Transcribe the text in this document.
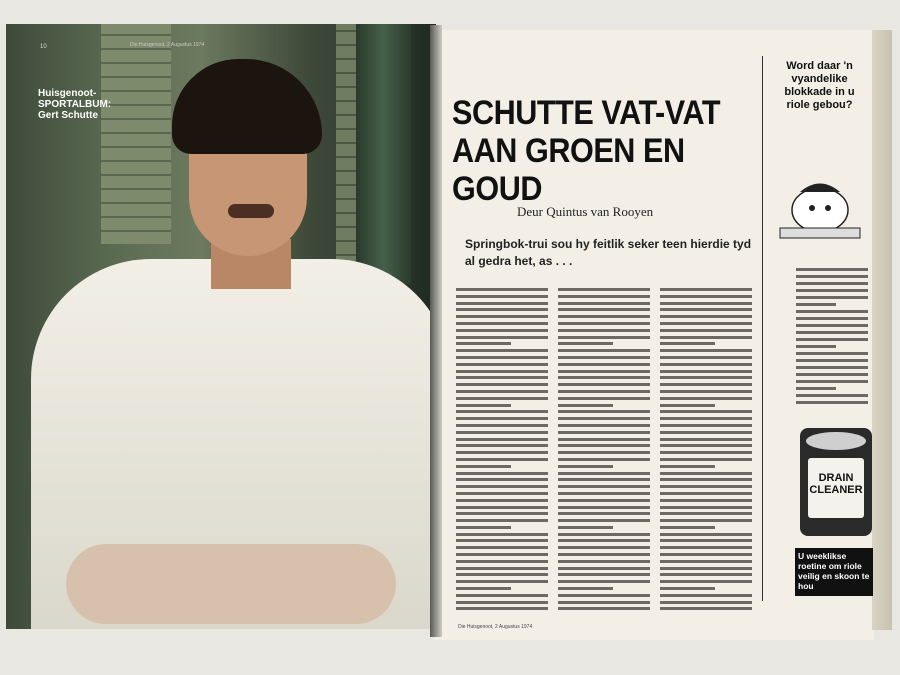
10	Die Huisgenoot, 2 Augustus 1974
Huisgenoot-
SPORTALBUM:
Gert Schutte	SCHUTTE VAT-VAT AAN GROEN EN GOUD
Deur Quintus van Rooyen
Springbok-trui sou hy feitlik seker teen hierdie tyd al gedra het, as . . .
Die Huisgenoot, 2 Augustus 1974
Word daar 'n vyandelike blokkade in u riole gebou?
DRAIN
CLEANER
U weeklikse roetine om riole veilig en skoon te hou
